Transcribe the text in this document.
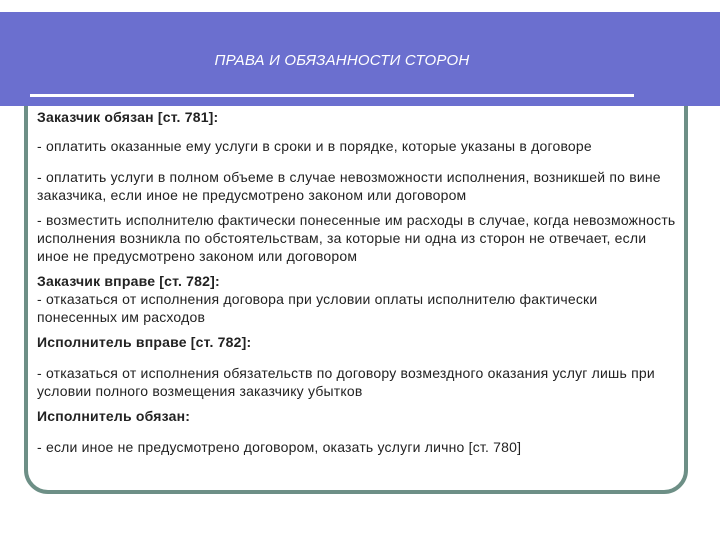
ПРАВА И ОБЯЗАННОСТИ СТОРОН

Заказчик обязан [ст. 781]:

- оплатить оказанные ему услуги в сроки и в порядке, которые указаны в договоре

- оплатить услуги в полном объеме в случае невозможности исполнения, возникшей по вине заказчика, если иное не предусмотрено законом или договором

- возместить исполнителю фактически понесенные им расходы в случае, когда невозможность исполнения возникла по обстоятельствам, за которые ни одна из сторон не отвечает, если иное не предусмотрено законом или договором

Заказчик вправе [ст. 782]:

- отказаться от исполнения договора при условии оплаты исполнителю фактически понесенных им расходов

Исполнитель вправе [ст. 782]:

- отказаться от исполнения обязательств по договору возмездного оказания услуг лишь при условии полного возмещения заказчику убытков

Исполнитель обязан:

- если иное не предусмотрено договором, оказать услуги лично [ст. 780]
